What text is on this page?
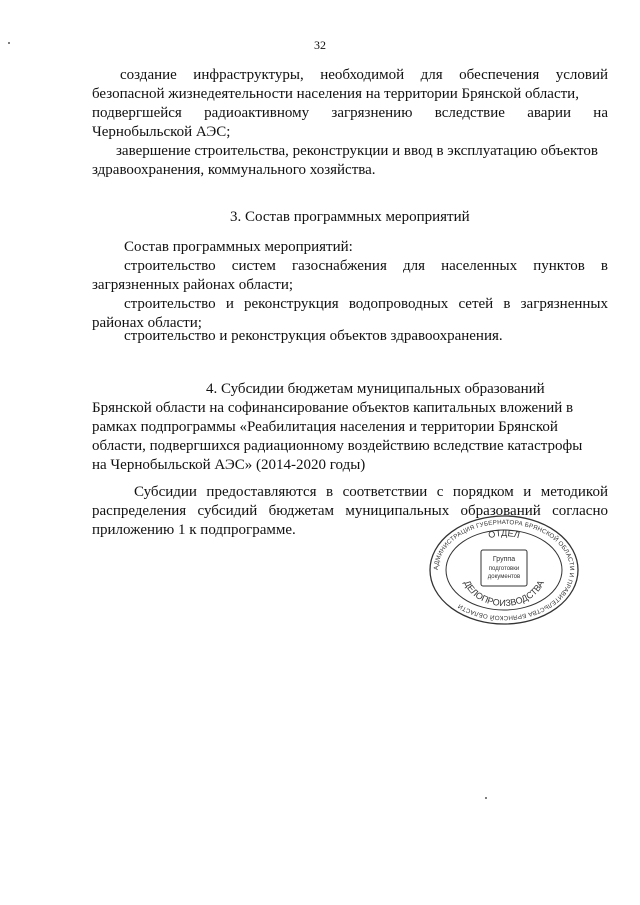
32
создание инфраструктуры, необходимой для обеспечения условий
безопасной жизнедеятельности населения на территории Брянской области,
подвергшейся радиоактивному загрязнению вследствие аварии на
Чернобыльской АЭС;
завершение строительства, реконструкции и ввод в эксплуатацию объектов
здравоохранения, коммунального хозяйства.
3. Состав программных мероприятий
Состав программных мероприятий:
строительство систем газоснабжения для населенных пунктов в
загрязненных районах области;
строительство и реконструкция водопроводных сетей в загрязненных
районах области;
строительство и реконструкция объектов здравоохранения.
4. Субсидии бюджетам муниципальных образований
Брянской области на софинансирование объектов капитальных вложений в
рамках подпрограммы «Реабилитация населения и территории Брянской
области, подвергшихся радиационному воздействию вследствие катастрофы
на Чернобыльской АЭС» (2014-2020 годы)
Субсидии предоставляются в соответствии с порядком и методикой
распределения субсидий бюджетам муниципальных образований согласно
приложению 1 к подпрограмме.
АДМИНИСТРАЦИЯ ГУБЕРНАТОРА БРЯНСКОЙ ОБЛАСТИ И ПРАВИТЕЛЬСТВА БРЯНСКОЙ ОБЛАСТИ
ОТДЕЛ
ДЕЛОПРОИЗВОДСТВА
Группа
подготовки
документов
